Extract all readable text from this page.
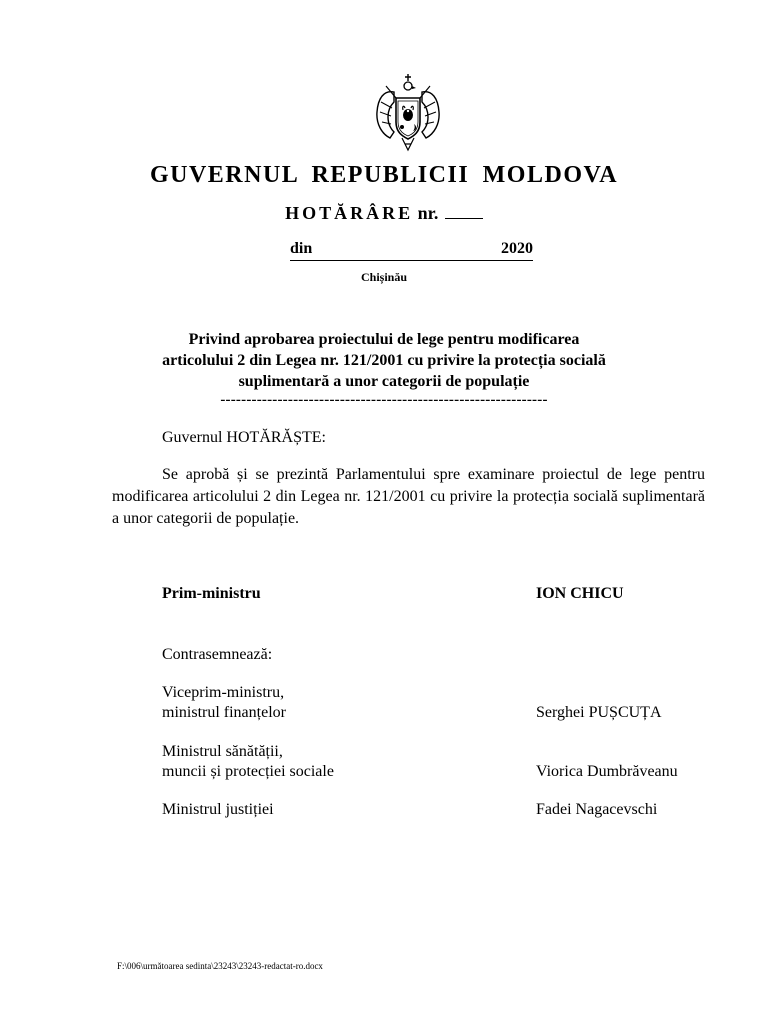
GUVERNUL REPUBLICII MOLDOVA
HOTĂRÂRE nr.
din	2020
Chișinău
Privind aprobarea proiectului de lege pentru modificarea
articolului 2 din Legea nr. 121/2001 cu privire la protecția socială
suplimentară a unor categorii de populație
---------------------------------------------------------------
Guvernul HOTĂRĂȘTE:
Se aprobă și se prezintă Parlamentului spre examinare proiectul de lege pentru modificarea articolului 2 din Legea nr. 121/2001 cu privire la protecția socială suplimentară a unor categorii de populație.
Prim-ministru	ION CHICU
Contrasemnează:
Viceprim-ministru,
ministrul finanțelor	Serghei PUȘCUȚA
Ministrul sănătății,
muncii și protecției sociale	Viorica Dumbrăveanu
Ministrul justiției	Fadei Nagacevschi
F:\006\următoarea sedinta\23243\23243-redactat-ro.docx
